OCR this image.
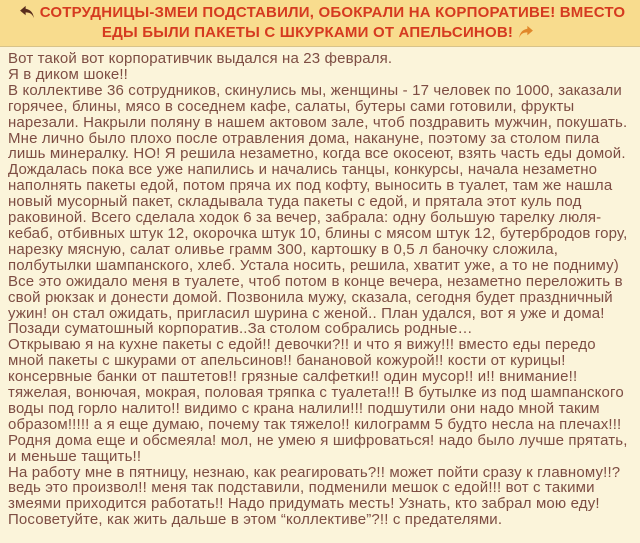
СОТРУДНИЦЫ-ЗМЕИ ПОДСТАВИЛИ, ОБОКРАЛИ НА КОРПОРАТИВЕ! ВМЕСТО ЕДЫ БЫЛИ ПАКЕТЫ С ШКУРКАМИ ОТ АПЕЛЬСИНОВ!

Вот такой вот корпоративчик выдался на 23 февраля.

Я в диком шоке!!

В коллективе 36 сотрудников, скинулись мы, женщины - 17 человек по 1000, заказали горячее, блины, мясо в соседнем кафе, салаты, бутеры сами готовили, фрукты нарезали. Накрыли поляну в нашем актовом зале, чтоб поздравить мужчин, покушать. Мне лично было плохо после отравления дома, накануне, поэтому за столом пила лишь минералку. НО! Я решила незаметно, когда все окосеют, взять часть еды домой. Дождалась пока все уже напились и начались танцы, конкурсы, начала незаметно наполнять пакеты едой, потом пряча их под кофту, выносить в туалет, там же нашла новый мусорный пакет, складывала туда пакеты с едой, и прятала этот куль под раковиной. Всего сделала ходок 6 за вечер, забрала: одну большую тарелку люля-кебаб, отбивных штук 12, окорочка штук 10, блины с мясом штук 12, бутербродов гору, нарезку мясную, салат оливье грамм 300, картошку в 0,5 л баночку сложила, полбутылки шампанского, хлеб. Устала носить, решила, хватит уже, а то не подниму) Все это ожидало меня в туалете, чтоб потом в конце вечера, незаметно переложить в свой рюкзак и донести домой. Позвонила мужу, сказала, сегодня будет праздничный ужин! он стал ожидать, пригласил шурина с женой.. План удался, вот я уже и дома! Позади суматошный корпоратив..За столом собрались родные…

Открываю я на кухне пакеты с едой!! девочки?!! и что я вижу!!! вместо еды передо мной пакеты с шкурами от апельсинов!! банановой кожурой!! кости от курицы! консервные банки от паштетов!! грязные салфетки!! один мусор!! и!! внимание!! тяжелая, вонючая, мокрая, половая тряпка с туалета!!! В бутылке из под шампанского воды под горло налито!! видимо с крана налили!!! подшутили они надо мной таким образом!!!!! а я еще думаю, почему так тяжело!! килограмм 5 будто несла на плечах!!! Родня дома еще и обсмеяла! мол, не умею я шифроваться! надо было лучше прятать, и меньше тащить!!

На работу мне в пятницу, незнаю, как реагировать?!! может пойти сразу к главному!!? ведь это произвол!! меня так подставили, подменили мешок с едой!!! вот с такими змеями приходится работать!! Надо придумать месть! Узнать, кто забрал мою еду! Посоветуйте, как жить дальше в этом “коллективе”?!! с предателями.
